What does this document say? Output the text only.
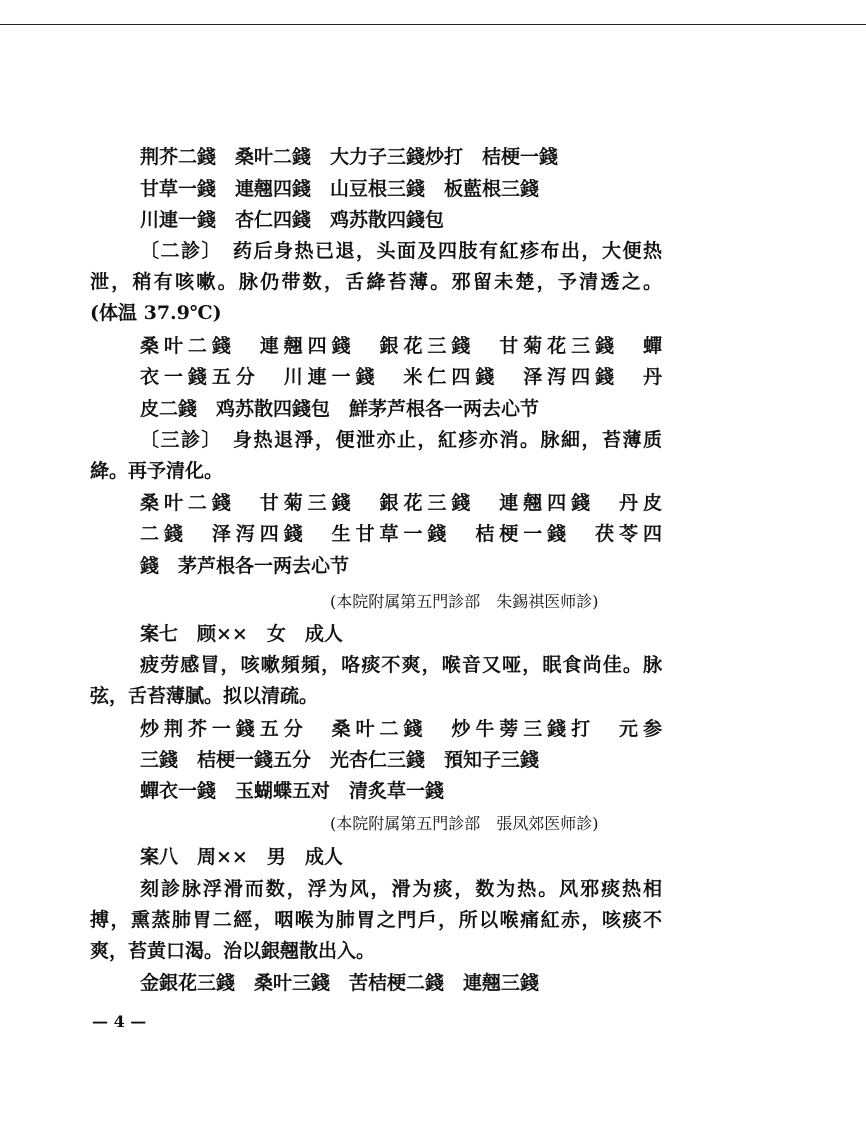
荆芥二錢　桑叶二錢　大力子三錢炒打　桔梗一錢
甘草一錢　連翹四錢　山豆根三錢　板藍根三錢
川連一錢　杏仁四錢　鸡苏散四錢包
〔二診〕　药后身热已退，头面及四肢有紅疹布出，大便热
泄，稍有咳嗽。脉仍带数，舌絳苔薄。邪留未楚，予清透之。
(体温 37.9℃)
桑叶二錢　連翹四錢　銀花三錢　甘菊花三錢　蟬
衣一錢五分　川連一錢　米仁四錢　泽泻四錢　丹
皮二錢　鸡苏散四錢包　鮮茅芦根各一两去心节
〔三診〕　身热退淨，便泄亦止，紅疹亦消。脉細，苔薄质
絳。再予清化。
桑叶二錢　甘菊三錢　銀花三錢　連翹四錢　丹皮
二錢　泽泻四錢　生甘草一錢　桔梗一錢　茯苓四
錢　茅芦根各一两去心节
(本院附属第五門診部　朱錫祺医师診)
案七　顾××　女　成人
疲劳感冒，咳嗽頻頻，咯痰不爽，喉音又哑，眠食尚佳。脉
弦，舌苔薄膩。拟以清疏。
炒荆芥一錢五分　桑叶二錢　炒牛蒡三錢打　元参
三錢　桔梗一錢五分　光杏仁三錢　預知子三錢
蟬衣一錢　玉蝴蝶五对　清炙草一錢
(本院附属第五門診部　張凤郊医师診)
案八　周××　男　成人
刻診脉浮滑而数，浮为风，滑为痰，数为热。风邪痰热相
搏，熏蒸肺胃二經，咽喉为肺胃之門戶，所以喉痛紅赤，咳痰不
爽，苔黄口渴。治以銀翹散出入。
金銀花三錢　桑叶三錢　苦桔梗二錢　連翹三錢
— 4 —
